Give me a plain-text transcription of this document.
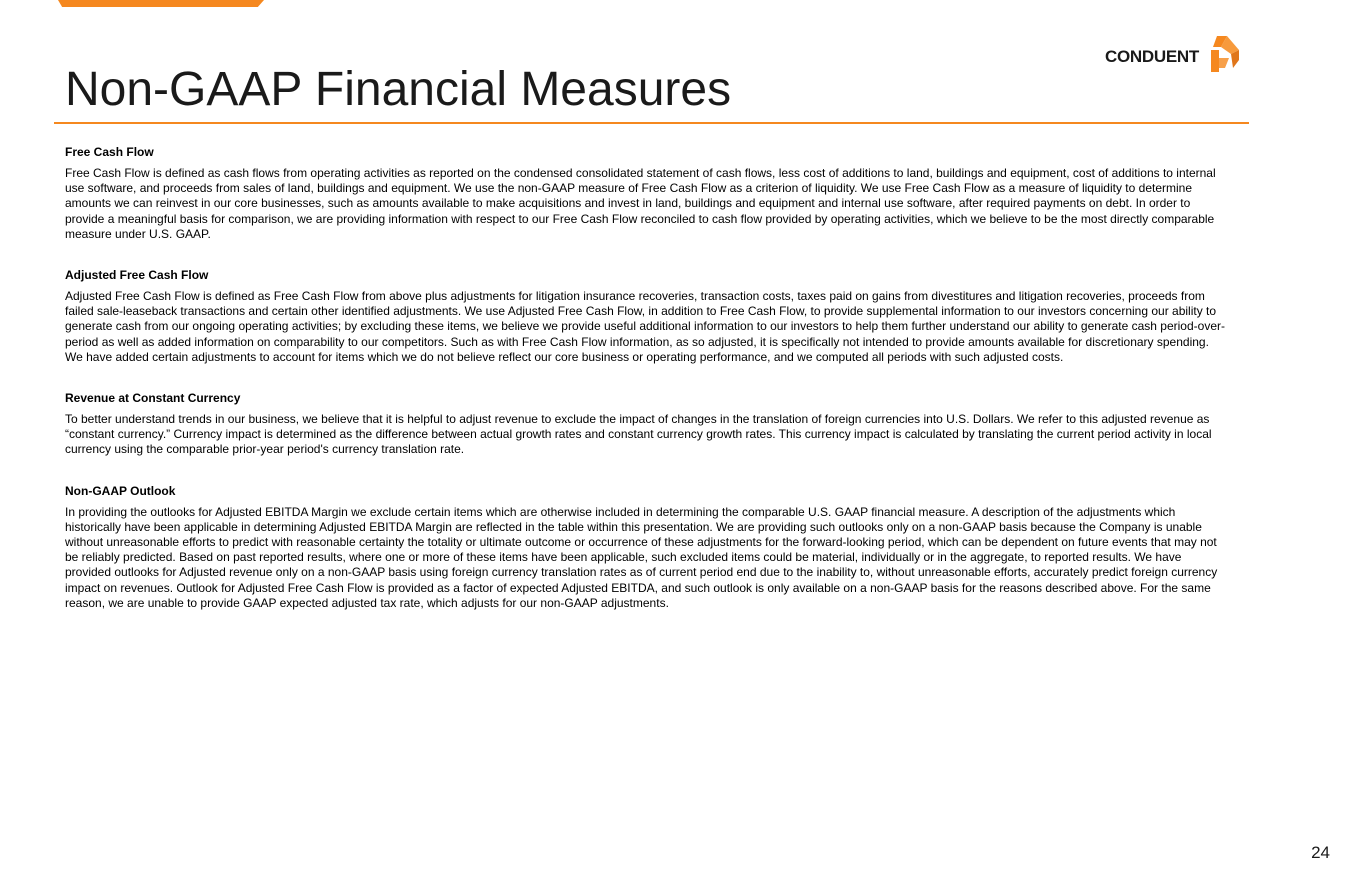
CONDUENT
Non-GAAP Financial Measures

Free Cash Flow

Free Cash Flow is defined as cash flows from operating activities as reported on the condensed consolidated statement of cash flows, less cost of additions to land, buildings and equipment, cost of additions to internal use software, and proceeds from sales of land, buildings and equipment. We use the non-GAAP measure of Free Cash Flow as a criterion of liquidity. We use Free Cash Flow as a measure of liquidity to determine amounts we can reinvest in our core businesses, such as amounts available to make acquisitions and invest in land, buildings and equipment and internal use software, after required payments on debt. In order to provide a meaningful basis for comparison, we are providing information with respect to our Free Cash Flow reconciled to cash flow provided by operating activities, which we believe to be the most directly comparable measure under U.S. GAAP.

Adjusted Free Cash Flow

Adjusted Free Cash Flow is defined as Free Cash Flow from above plus adjustments for litigation insurance recoveries, transaction costs, taxes paid on gains from divestitures and litigation recoveries, proceeds from failed sale-leaseback transactions and certain other identified adjustments. We use Adjusted Free Cash Flow, in addition to Free Cash Flow, to provide supplemental information to our investors concerning our ability to generate cash from our ongoing operating activities; by excluding these items, we believe we provide useful additional information to our investors to help them further understand our ability to generate cash period-over-period as well as added information on comparability to our competitors. Such as with Free Cash Flow information, as so adjusted, it is specifically not intended to provide amounts available for discretionary spending. We have added certain adjustments to account for items which we do not believe reflect our core business or operating performance, and we computed all periods with such adjusted costs.

Revenue at Constant Currency

To better understand trends in our business, we believe that it is helpful to adjust revenue to exclude the impact of changes in the translation of foreign currencies into U.S. Dollars. We refer to this adjusted revenue as “constant currency.” Currency impact is determined as the difference between actual growth rates and constant currency growth rates. This currency impact is calculated by translating the current period activity in local currency using the comparable prior-year period's currency translation rate.

Non-GAAP Outlook

In providing the outlooks for Adjusted EBITDA Margin we exclude certain items which are otherwise included in determining the comparable U.S. GAAP financial measure. A description of the adjustments which historically have been applicable in determining Adjusted EBITDA Margin are reflected in the table within this presentation. We are providing such outlooks only on a non-GAAP basis because the Company is unable without unreasonable efforts to predict with reasonable certainty the totality or ultimate outcome or occurrence of these adjustments for the forward-looking period, which can be dependent on future events that may not be reliably predicted. Based on past reported results, where one or more of these items have been applicable, such excluded items could be material, individually or in the aggregate, to reported results. We have provided outlooks for Adjusted revenue only on a non-GAAP basis using foreign currency translation rates as of current period end due to the inability to, without unreasonable efforts, accurately predict foreign currency impact on revenues. Outlook for Adjusted Free Cash Flow is provided as a factor of expected Adjusted EBITDA, and such outlook is only available on a non-GAAP basis for the reasons described above. For the same reason, we are unable to provide GAAP expected adjusted tax rate, which adjusts for our non-GAAP adjustments.

24
